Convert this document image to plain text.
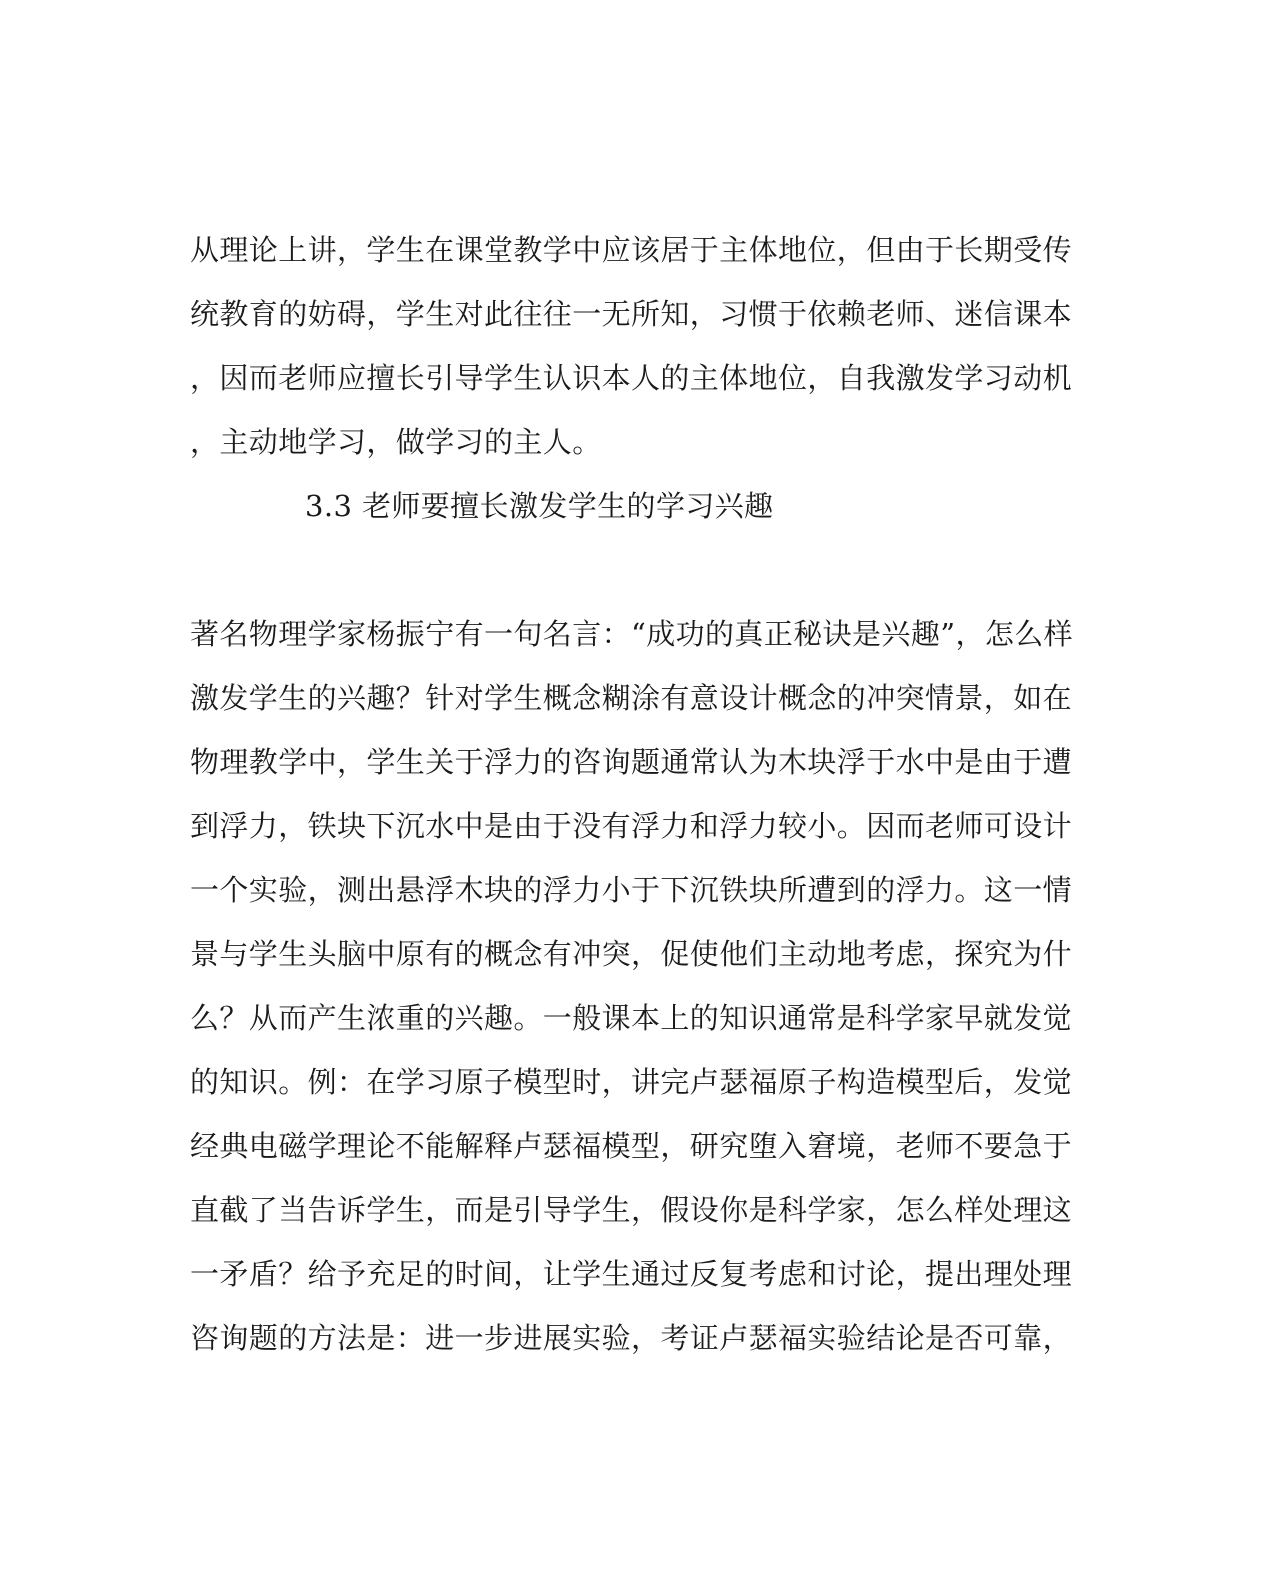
从理论上讲，学生在课堂教学中应该居于主体地位，但由于长期受传
统教育的妨碍，学生对此往往一无所知，习惯于依赖老师、迷信课本
，因而老师应擅长引导学生认识本人的主体地位，自我激发学习动机
，主动地学习，做学习的主人。
3.3 老师要擅长激发学生的学习兴趣
著名物理学家杨振宁有一句名言：“成功的真正秘诀是兴趣”，怎么样
激发学生的兴趣？针对学生概念糊涂有意设计概念的冲突情景，如在
物理教学中，学生关于浮力的咨询题通常认为木块浮于水中是由于遭
到浮力，铁块下沉水中是由于没有浮力和浮力较小。因而老师可设计
一个实验，测出悬浮木块的浮力小于下沉铁块所遭到的浮力。这一情
景与学生头脑中原有的概念有冲突，促使他们主动地考虑，探究为什
么？从而产生浓重的兴趣。一般课本上的知识通常是科学家早就发觉
的知识。例：在学习原子模型时，讲完卢瑟福原子构造模型后，发觉
经典电磁学理论不能解释卢瑟福模型，研究堕入窘境，老师不要急于
直截了当告诉学生，而是引导学生，假设你是科学家，怎么样处理这
一矛盾？给予充足的时间，让学生通过反复考虑和讨论，提出理处理
咨询题的方法是：进一步进展实验，考证卢瑟福实验结论是否可靠，
